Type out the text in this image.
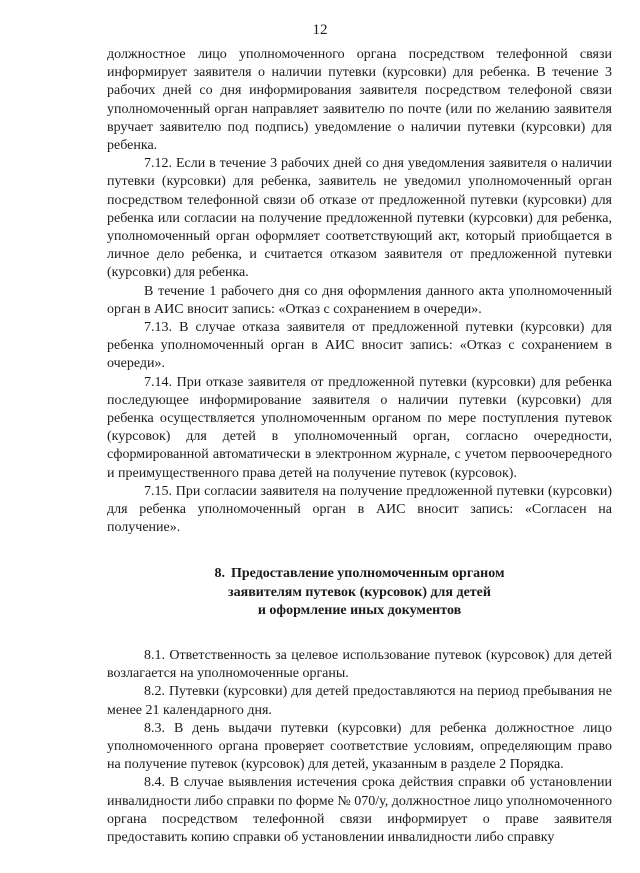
12

должностное лицо уполномоченного органа посредством телефонной связи информирует заявителя о наличии путевки (курсовки) для ребенка. В течение 3 рабочих дней со дня информирования заявителя посредством телефоной связи уполномоченный орган направляет заявителю по почте (или по желанию заявителя вручает заявителю под подпись) уведомление о наличии путевки (курсовки) для ребенка.

7.12. Если в течение 3 рабочих дней со дня уведомления заявителя о наличии путевки (курсовки) для ребенка, заявитель не уведомил уполномоченный орган посредством телефонной связи об отказе от предложенной путевки (курсовки) для ребенка или согласии на получение предложенной путевки (курсовки) для ребенка, уполномоченный орган оформляет соответствующий акт, который приобщается в личное дело ребенка, и считается отказом заявителя от предложенной путевки (курсовки) для ребенка.

В течение 1 рабочего дня со дня оформления данного акта уполномоченный орган в АИС вносит запись: «Отказ с сохранением в очереди».

7.13. В случае отказа заявителя от предложенной путевки (курсовки) для ребенка уполномоченный орган в АИС вносит запись: «Отказ с сохранением в очереди».

7.14. При отказе заявителя от предложенной путевки (курсовки) для ребенка последующее информирование заявителя о наличии путевки (курсовки) для ребенка осуществляется уполномоченным органом по мере поступления путевок (курсовок) для детей в уполномоченный орган, согласно очередности, сформированной автоматически в электронном журнале, с учетом первоочередного и преимущественного права детей на получение путевок (курсовок).

7.15. При согласии заявителя на получение предложенной путевки (курсовки) для ребенка уполномоченный орган в АИС вносит запись: «Согласен на получение».

8. Предоставление уполномоченным органом
заявителям путевок (курсовок) для детей
и оформление иных документов

8.1. Ответственность за целевое использование путевок (курсовок) для детей возлагается на уполномоченные органы.

8.2. Путевки (курсовки) для детей предоставляются на период пребывания не менее 21 календарного дня.

8.3. В день выдачи путевки (курсовки) для ребенка должностное лицо уполномоченного органа проверяет соответствие условиям, определяющим право на получение путевок (курсовок) для детей, указанным в разделе 2 Порядка.

8.4. В случае выявления истечения срока действия справки об установлении инвалидности либо справки по форме № 070/у, должностное лицо уполномоченного органа посредством телефонной связи информирует о праве заявителя предоставить копию справки об установлении инвалидности либо справку
